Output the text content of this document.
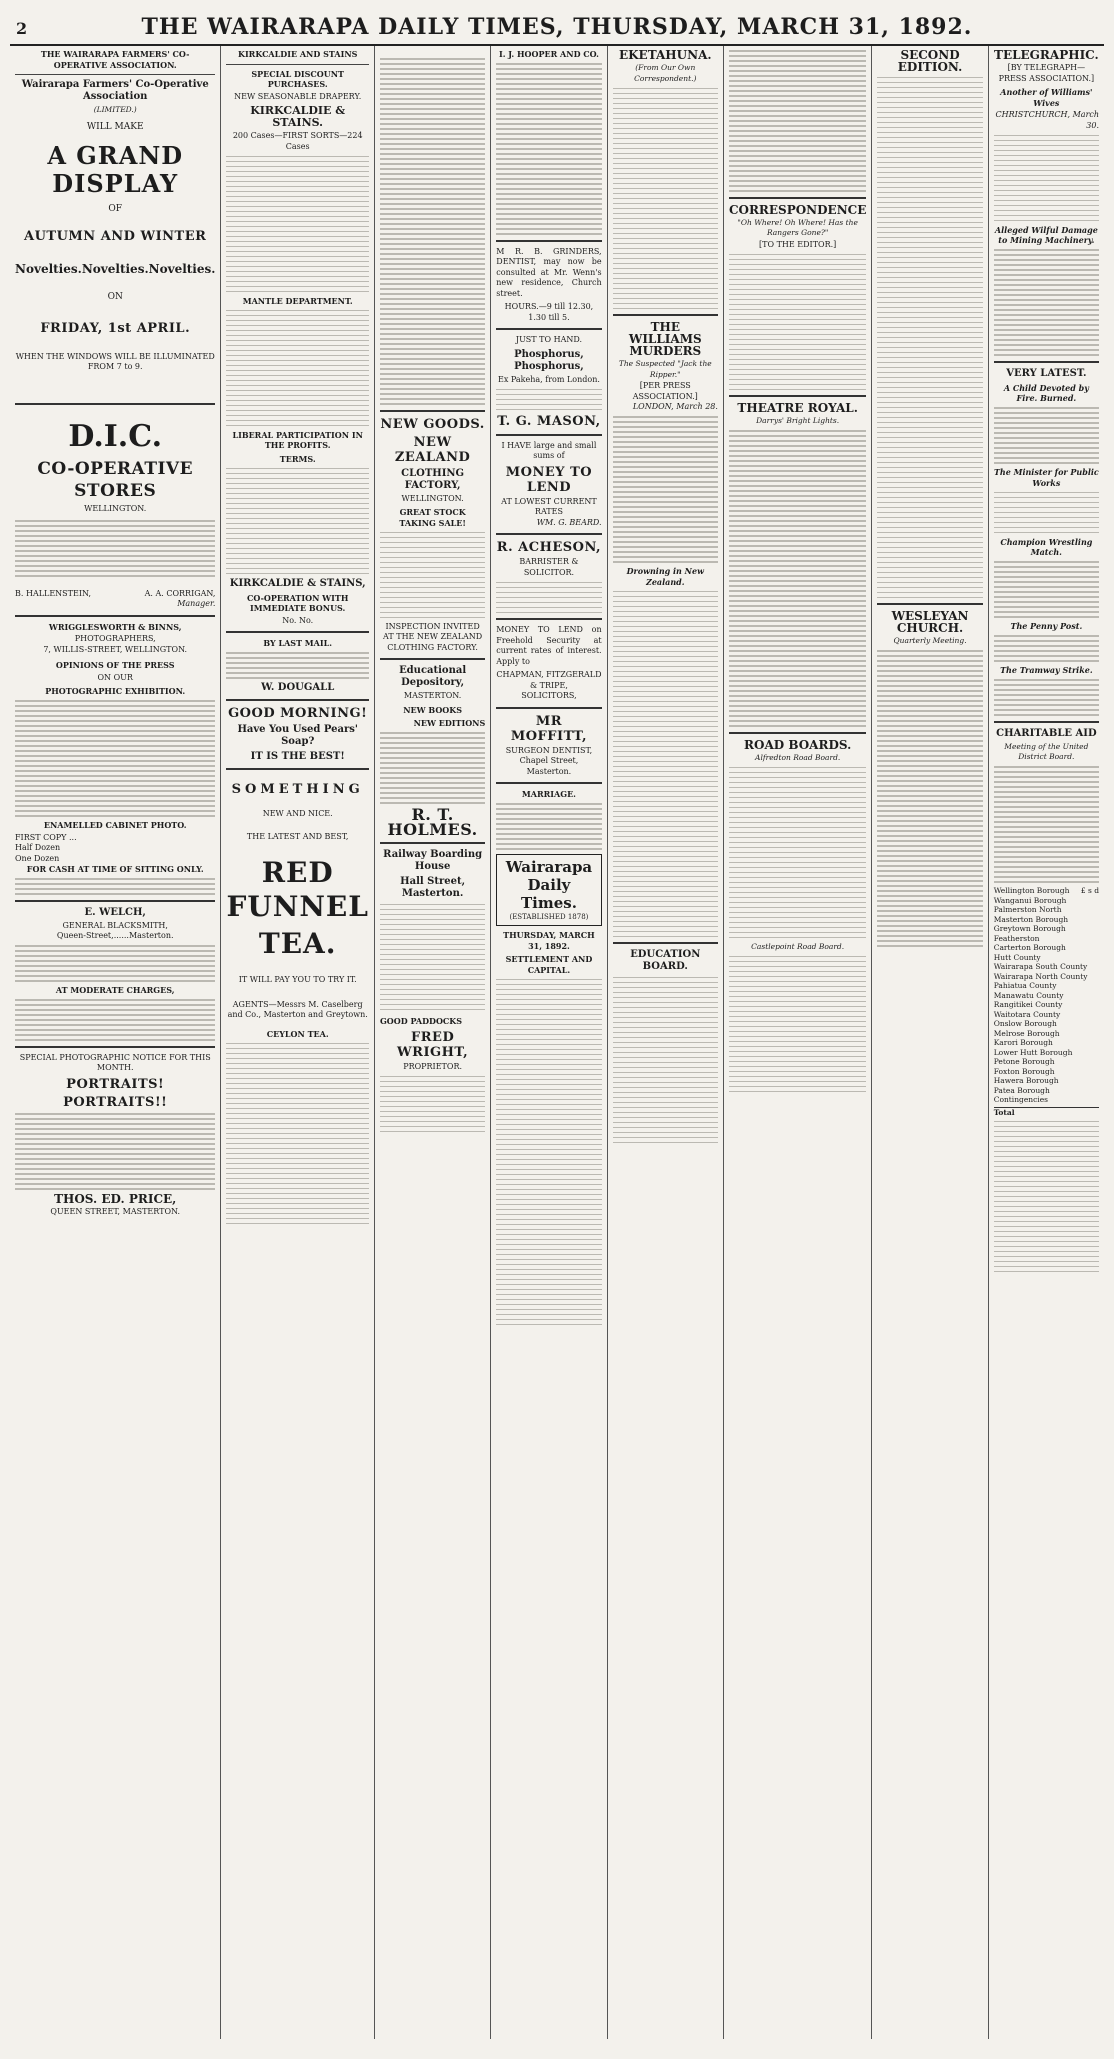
2	THE WAIRARAPA DAILY TIMES, THURSDAY, MARCH 31, 1892.
THE WAIRARAPA FARMERS' CO-OPERATIVE ASSOCIATION.
Wairarapa Farmers' Co-Operative Association
(LIMITED.)
WILL MAKE
A GRAND DISPLAY
OF
AUTUMN AND WINTER
Novelties. Novelties. Novelties.
ON
FRIDAY, 1st APRIL.
WHEN THE WINDOWS WILL BE ILLUMINATED FROM 7 to 9.
D.I.C.
CO-OPERATIVE STORES
WELLINGTON.
B. HALLENSTEIN,	A. A. CORRIGAN,
Manager.
WRIGGLESWORTH & BINNS,
PHOTOGRAPHERS,
7, WILLIS-STREET, WELLINGTON.
OPINIONS OF THE PRESS
ON OUR
PHOTOGRAPHIC EXHIBITION.
ENAMELLED CABINET PHOTO.
FIRST COPY ...
Half Dozen
One Dozen
FOR CASH AT TIME OF SITTING ONLY.
E. WELCH,
GENERAL BLACKSMITH,
Queen-Street,......Masterton.
AT MODERATE CHARGES,
SPECIAL PHOTOGRAPHIC NOTICE FOR THIS MONTH.
PORTRAITS!
PORTRAITS!!
THOS. ED. PRICE,
QUEEN STREET, MASTERTON.
KIRKCALDIE AND STAINS
SPECIAL DISCOUNT PURCHASES.
NEW SEASONABLE DRAPERY.
KIRKCALDIE & STAINS.
200 Cases—FIRST SORTS—224 Cases
MANTLE DEPARTMENT.
LIBERAL PARTICIPATION IN THE PROFITS.
TERMS.
KIRKCALDIE & STAINS,
CO-OPERATION WITH IMMEDIATE BONUS.
No. No.
BY LAST MAIL.
W. DOUGALL
GOOD MORNING!
Have You Used Pears' Soap?
IT IS THE BEST!
SOMETHING
NEW AND NICE.
THE LATEST AND BEST,
RED FUNNEL
TEA.
IT WILL PAY YOU TO TRY IT.
AGENTS—Messrs M. Caselberg and Co., Masterton and Greytown.
CEYLON TEA.
NEW GOODS.
NEW ZEALAND
CLOTHING FACTORY,
WELLINGTON.
GREAT STOCK TAKING SALE!
INSPECTION INVITED AT THE NEW ZEALAND CLOTHING FACTORY.
Educational Depository,
MASTERTON.
NEW BOOKS
NEW EDITIONS
R. T. HOLMES.
Railway Boarding House
Hall Street, Masterton.
GOOD PADDOCKS
FRED WRIGHT,
PROPRIETOR.
I. J. HOOPER AND CO.

M R. B. GRINDERS, DENTIST, may now be consulted at Mr. Wenn's new residence, Church street.

HOURS.—9 till 12.30, 1.30 till 5.
JUST TO HAND.
Phosphorus, Phosphorus,
Ex Pakeha, from London.
T. G. MASON,
I HAVE large and small sums of
MONEY TO LEND
AT LOWEST CURRENT RATES
WM. G. BEARD.
R. ACHESON,
BARRISTER & SOLICITOR.

MONEY TO LEND on Freehold Security at current rates of interest. Apply to

CHAPMAN, FITZGERALD & TRIPE,
SOLICITORS,
MR MOFFITT,
SURGEON DENTIST,
Chapel Street, Masterton.
MARRIAGE.
Wairarapa Daily Times.
(ESTABLISHED 1878)
THURSDAY, MARCH 31, 1892.
SETTLEMENT AND CAPITAL.
EKETAHUNA.
(From Our Own Correspondent.)
THE WILLIAMS MURDERS
The Suspected "Jack the Ripper."
[PER PRESS ASSOCIATION.]
LONDON, March 28.
Drowning in New Zealand.
EDUCATION BOARD.
CORRESPONDENCE
"Oh Where! Oh Where! Has the Rangers Gone?"
[TO THE EDITOR.]
THEATRE ROYAL.
Darrys' Bright Lights.
ROAD BOARDS.
Alfredton Road Board.
Castlepoint Road Board.
SECOND EDITION.
WESLEYAN CHURCH.
Quarterly Meeting.
TELEGRAPHIC.
[BY TELEGRAPH—PRESS ASSOCIATION.]
Another of Williams' Wives
CHRISTCHURCH, March 30.
Alleged Wilful Damage to Mining Machinery.
VERY LATEST.
A Child Devoted by Fire. Burned.
The Minister for Public Works
Champion Wrestling Match.
The Penny Post.
The Tramway Strike.
CHARITABLE AID
Meeting of the United District Board.
Wellington Borough £ s d
Wanganui Borough
Palmerston North
Masterton Borough
Greytown Borough
Featherston
Carterton Borough
Hutt County
Wairarapa South County
Wairarapa North County
Pahiatua County
Manawatu County
Rangitikei County
Waitotara County
Onslow Borough
Melrose Borough
Karori Borough
Lower Hutt Borough
Petone Borough
Foxton Borough
Hawera Borough
Patea Borough
Contingencies
Total
